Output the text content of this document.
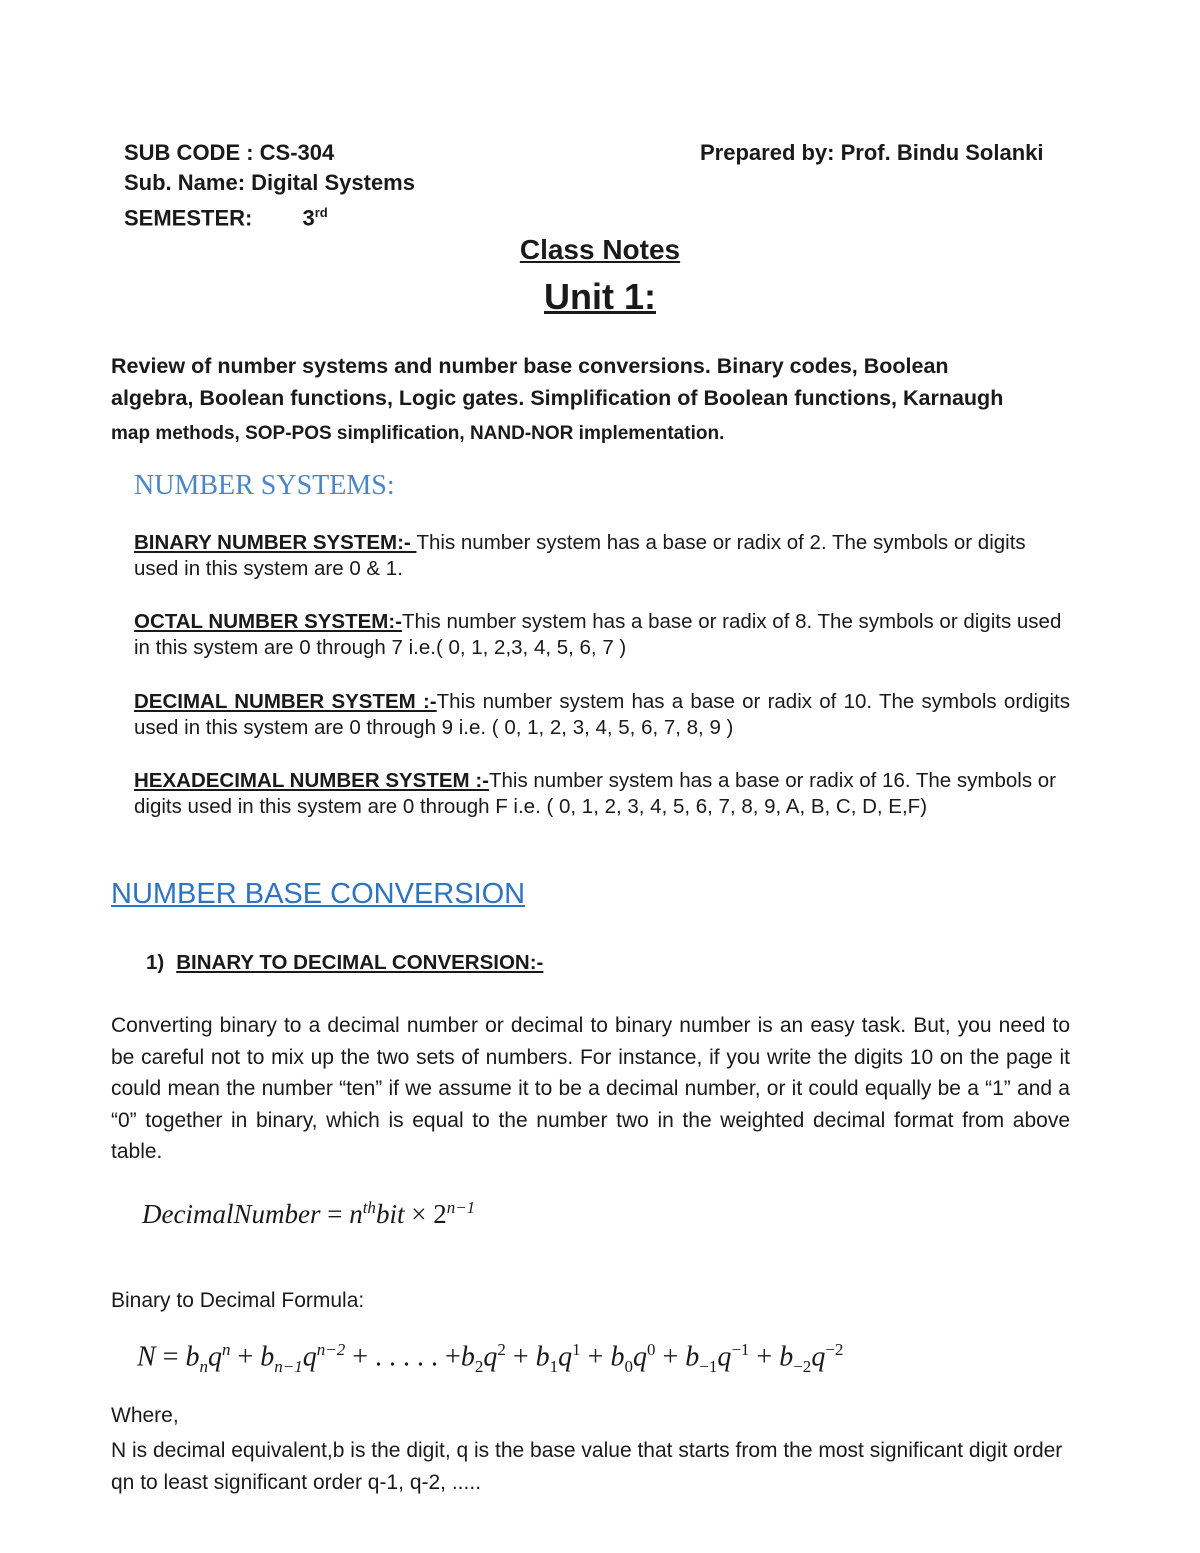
SUB CODE : CS-304
Sub. Name: Digital Systems
SEMESTER: 3rd
Prepared by: Prof. Bindu Solanki
Class Notes
Unit 1:
Review of number systems and number base conversions. Binary codes, Boolean algebra, Boolean functions, Logic gates. Simplification of Boolean functions, Karnaugh map methods, SOP-POS simplification, NAND-NOR implementation.
NUMBER SYSTEMS:
BINARY NUMBER SYSTEM:- This number system has a base or radix of 2. The symbols or digits used in this system are 0 & 1.
OCTAL NUMBER SYSTEM:-This number system has a base or radix of 8. The symbols or digits used in this system are 0 through 7 i.e.( 0, 1, 2,3, 4, 5, 6, 7 )
DECIMAL NUMBER SYSTEM :-This number system has a base or radix of 10. The symbols ordigits used in this system are 0 through 9 i.e. ( 0, 1, 2, 3, 4, 5, 6, 7, 8, 9 )
HEXADECIMAL NUMBER SYSTEM :-This number system has a base or radix of 16. The symbols or digits used in this system are 0 through F i.e. ( 0, 1, 2, 3, 4, 5, 6, 7, 8, 9, A, B, C, D, E,F)
NUMBER BASE CONVERSION
1) BINARY TO DECIMAL CONVERSION:-
Converting binary to a decimal number or decimal to binary number is an easy task. But, you need to be careful not to mix up the two sets of numbers. For instance, if you write the digits 10 on the page it could mean the number “ten” if we assume it to be a decimal number, or it could equally be a “1” and a “0” together in binary, which is equal to the number two in the weighted decimal format from above table.
DecimalNumber = $n^{th}bit \times 2^{n-1}$
Binary to Decimal Formula:
$N = b_nq^n + b_{n-1}q^{n-2}$ + . . . . . $+b_2q^2 + b_1q^1 + b_0q^0 + b_{-1}q^{-1} + b_{-2}q^{-2}$
Where,
N is decimal equivalent,b is the digit, q is the base value that starts from the most significant digit order qn to least significant order q-1, q-2, .....
